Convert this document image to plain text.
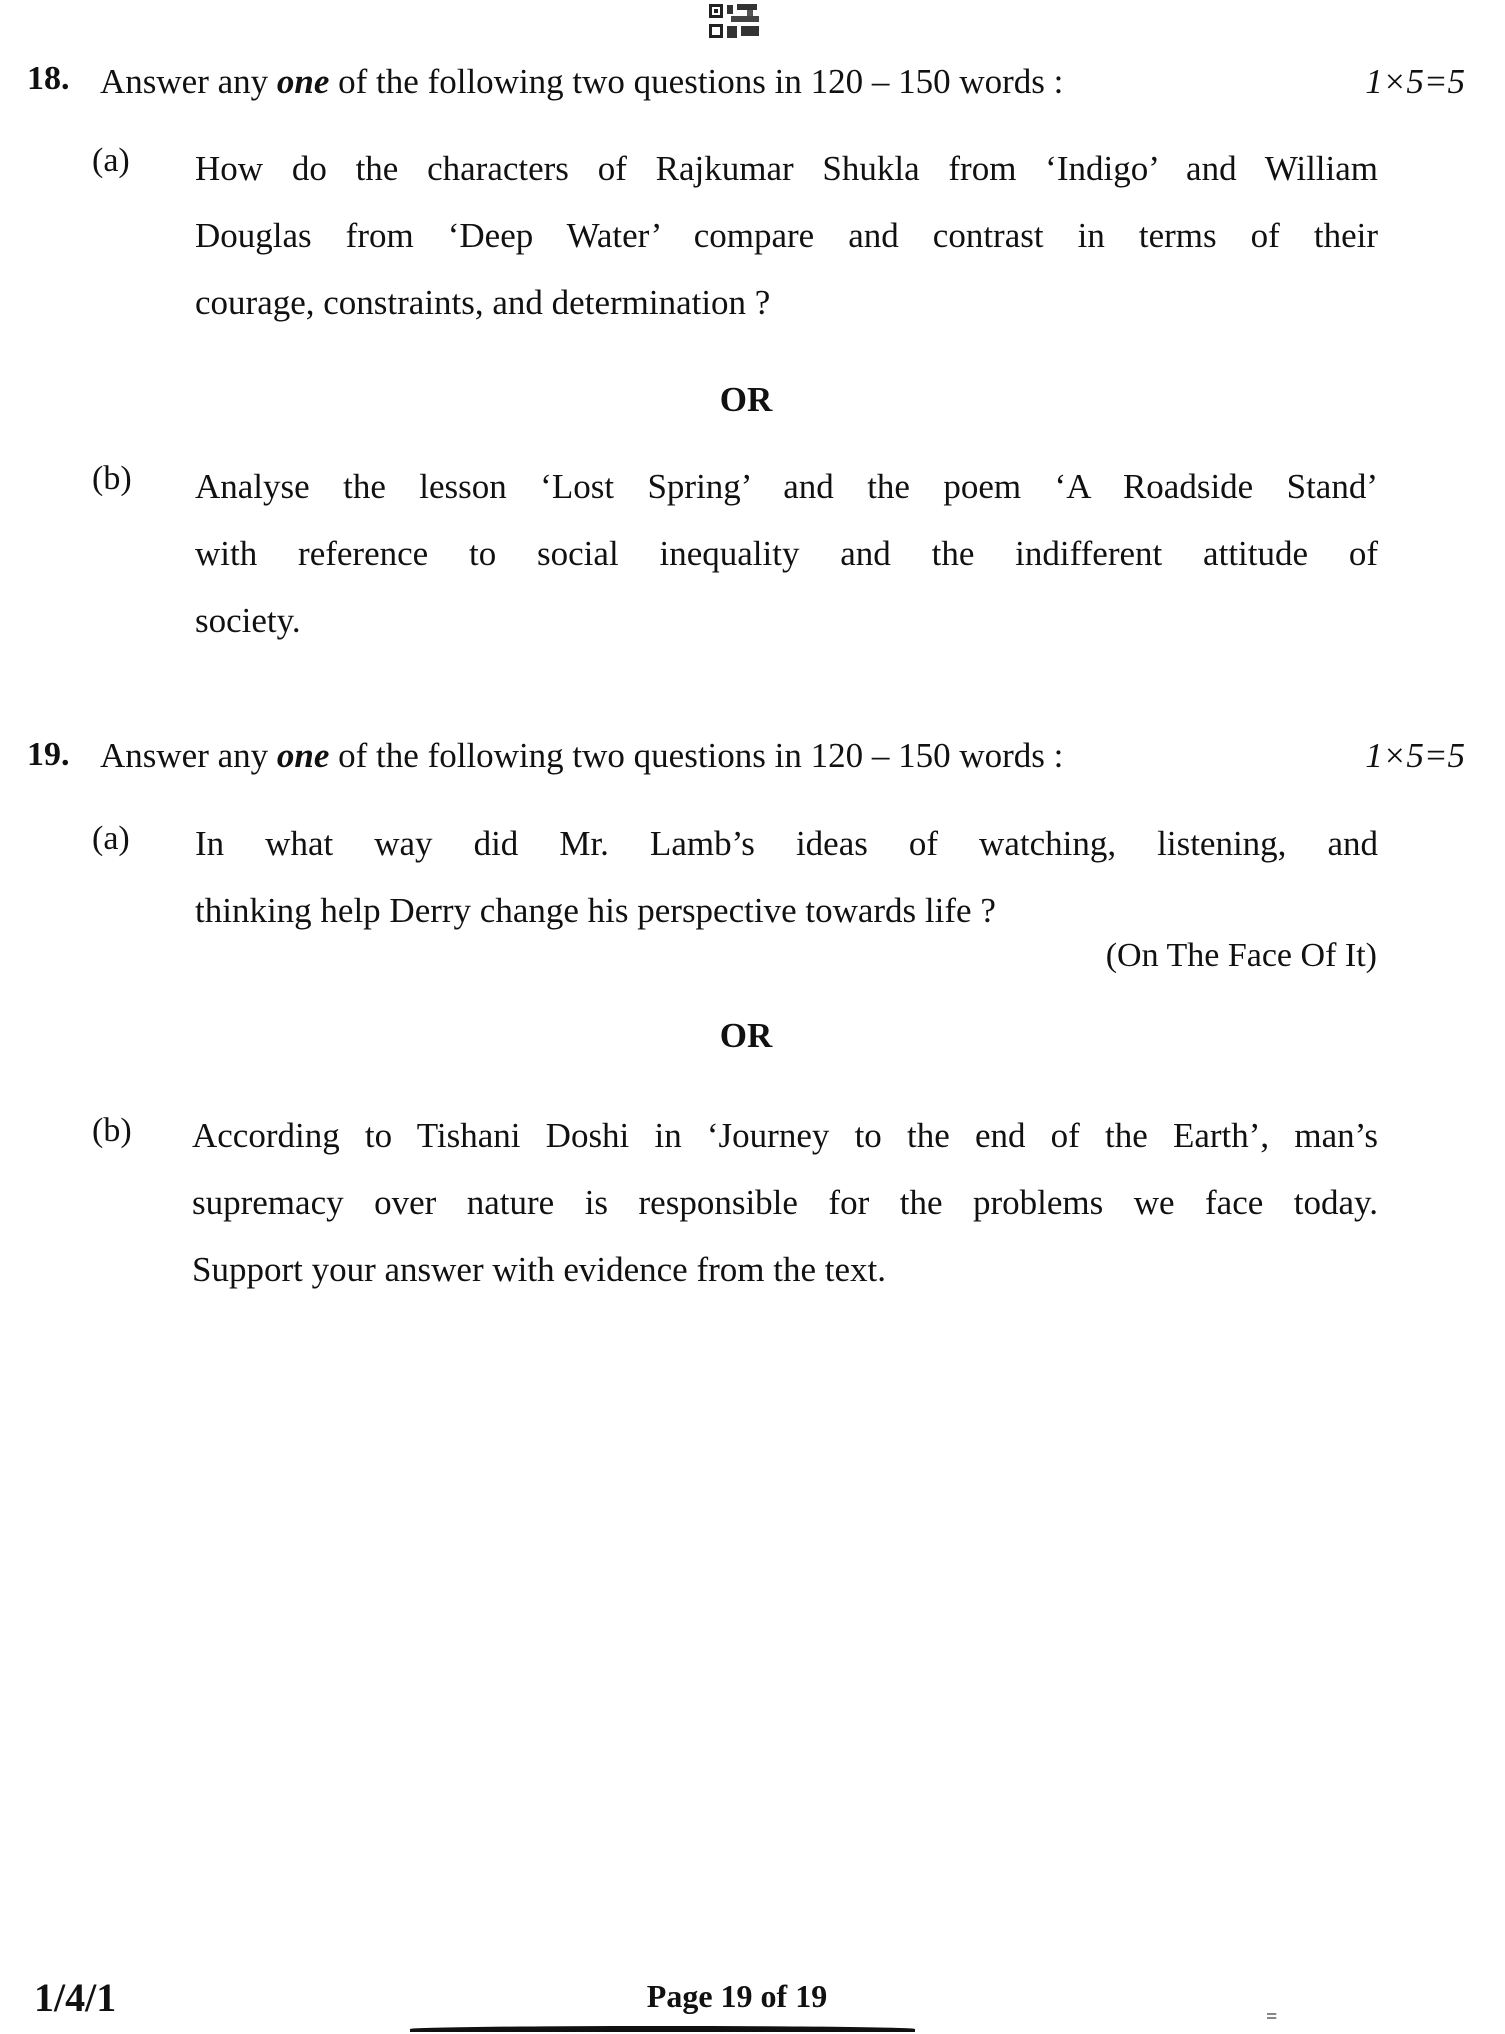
18. Answer any one of the following two questions in 120 – 150 words :	1×5=5
(a) How do the characters of Rajkumar Shukla from ‘Indigo’ and William
Douglas from ‘Deep Water’ compare and contrast in terms of their
courage, constraints, and determination ?
OR
(b) Analyse the lesson ‘Lost Spring’ and the poem ‘A Roadside Stand’
with reference to social inequality and the indifferent attitude of
society.
19. Answer any one of the following two questions in 120 – 150 words :	1×5=5
(a) In what way did Mr. Lamb’s ideas of watching, listening, and
thinking help Derry change his perspective towards life ?
(On The Face Of It)
OR
(b) According to Tishani Doshi in ‘Journey to the end of the Earth’, man’s
supremacy over nature is responsible for the problems we face today.
Support your answer with evidence from the text.
1/4/1	Page 19 of 19
=
